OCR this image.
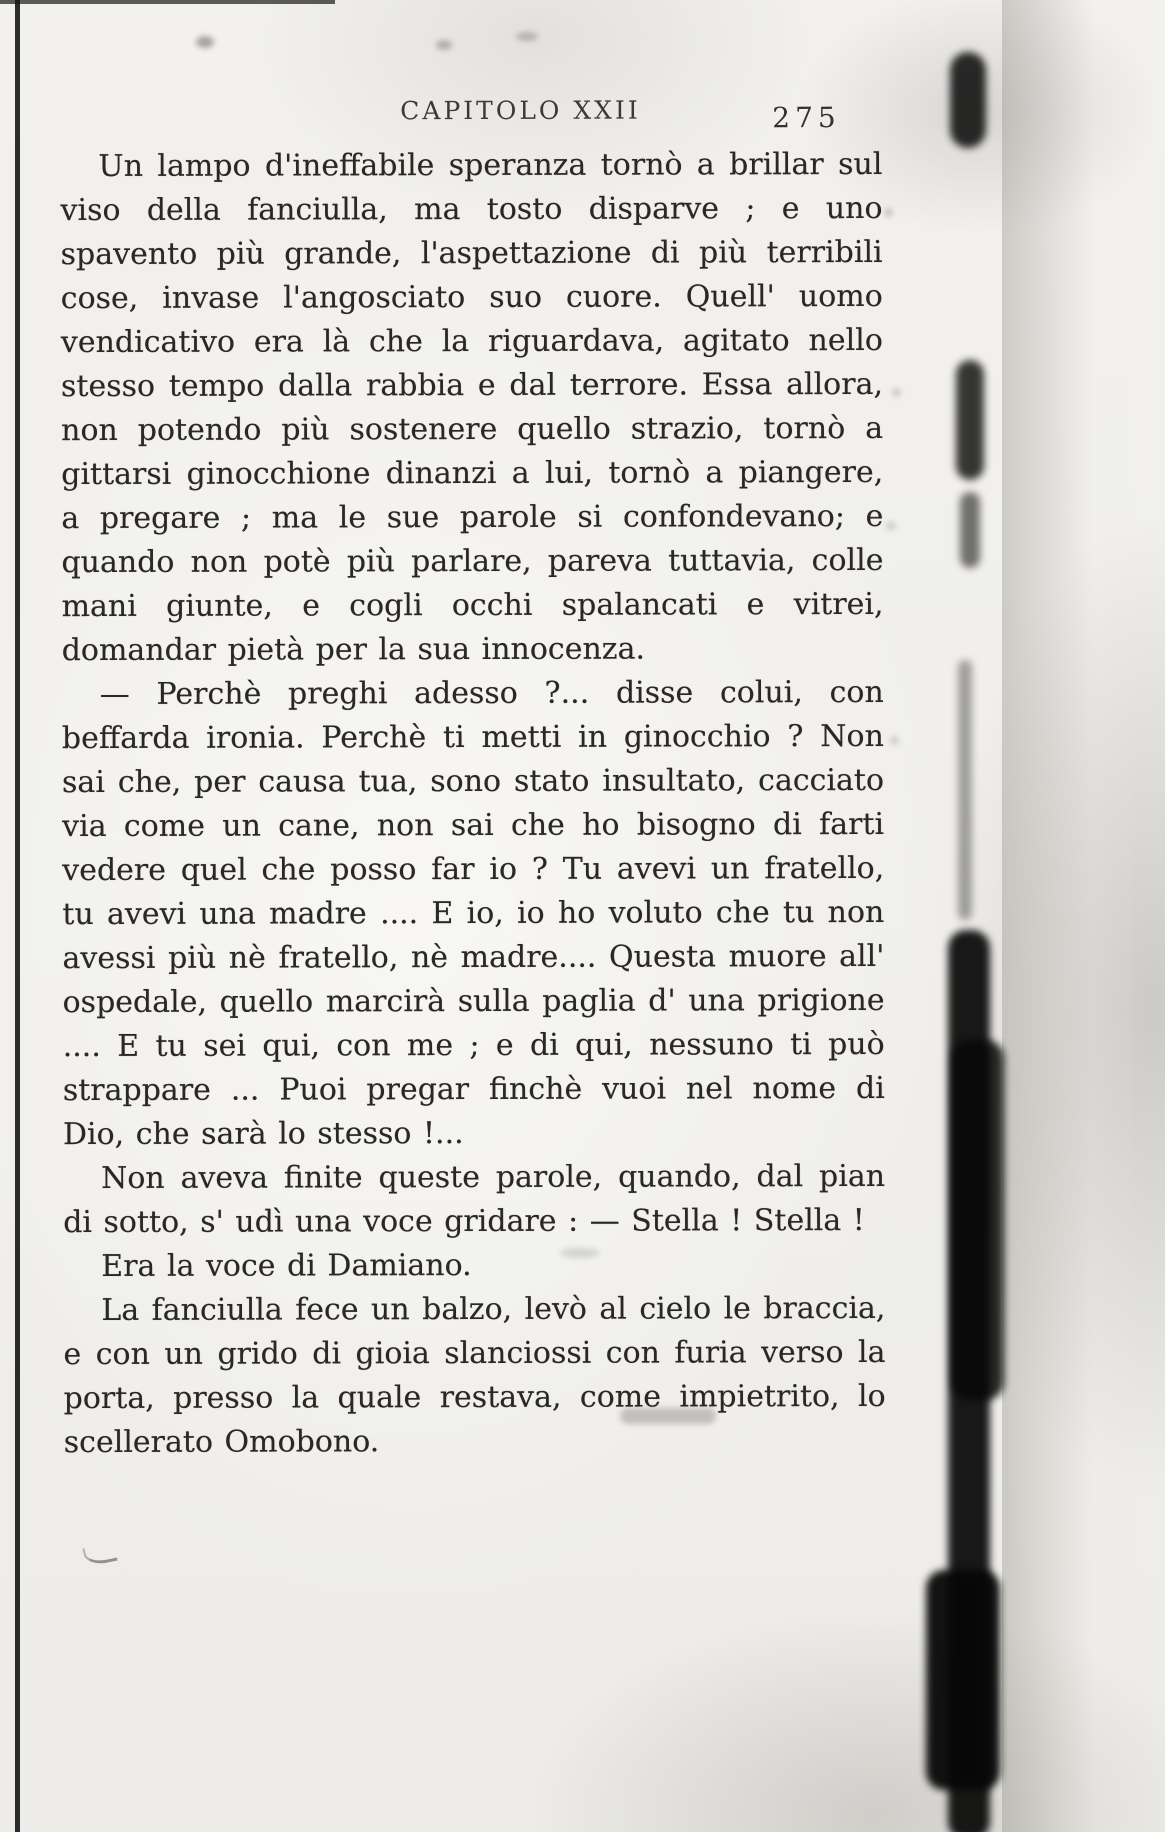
CAPITOLO XXII	275

Un lampo d'ineffabile speranza tornò a brillar sul viso della fanciulla, ma tosto disparve ; e uno spavento più grande, l'aspettazione di più terribili cose, invase l'angosciato suo cuore. Quell' uomo vendicativo era là che la riguardava, agitato nello stesso tempo dalla rabbia e dal terrore. Essa allora, non potendo più sostenere quello strazio, tornò a gittarsi ginocchione dinanzi a lui, tornò a piangere, a pregare ; ma le sue parole si confondevano; e quando non potè più parlare, pareva tuttavia, colle mani giunte, e cogli occhi spalancati e vitrei, domandar pietà per la sua innocenza.

— Perchè preghi adesso ?... disse colui, con beffarda ironia. Perchè ti metti in ginocchio ? Non sai che, per causa tua, sono stato insultato, cacciato via come un cane, non sai che ho bisogno di farti vedere quel che posso far io ? Tu avevi un fratello, tu avevi una madre .... E io, io ho voluto che tu non avessi più nè fratello, nè madre.... Questa muore all' ospedale, quello marcirà sulla paglia d' una prigione .... E tu sei qui, con me ; e di qui, nessuno ti può strappare ... Puoi pregar finchè vuoi nel nome di Dio, che sarà lo stesso !...

Non aveva finite queste parole, quando, dal pian di sotto, s' udì una voce gridare : — Stella ! Stella !

Era la voce di Damiano.

La fanciulla fece un balzo, levò al cielo le braccia, e con un grido di gioia slanciossi con furia verso la porta, presso la quale restava, come impietrito, lo scellerato Omobono.
